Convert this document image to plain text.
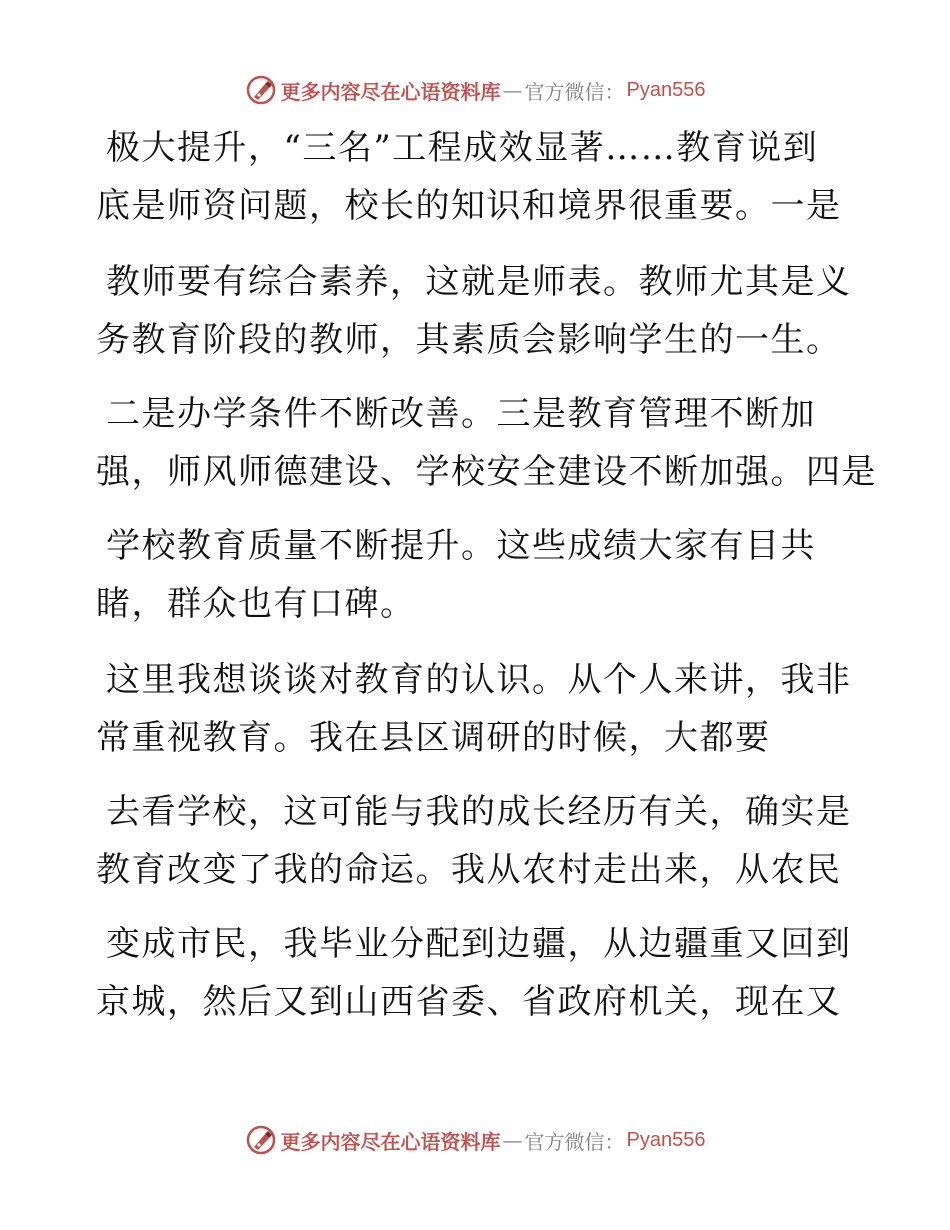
更多内容尽在心语资料库 — 官方微信： Pyan556
极大提升，“三名”工程成效显著……教育说到
底是师资问题，校长的知识和境界很重要。一是
教师要有综合素养，这就是师表。教师尤其是义
务教育阶段的教师，其素质会影响学生的一生。
二是办学条件不断改善。三是教育管理不断加
强，师风师德建设、学校安全建设不断加强。四是
学校教育质量不断提升。这些成绩大家有目共
睹，群众也有口碑。
这里我想谈谈对教育的认识。从个人来讲，我非
常重视教育。我在县区调研的时候，大都要
去看学校，这可能与我的成长经历有关，确实是
教育改变了我的命运。我从农村走出来，从农民
变成市民，我毕业分配到边疆，从边疆重又回到
京城，然后又到山西省委、省政府机关，现在又
更多内容尽在心语资料库 — 官方微信： Pyan556
